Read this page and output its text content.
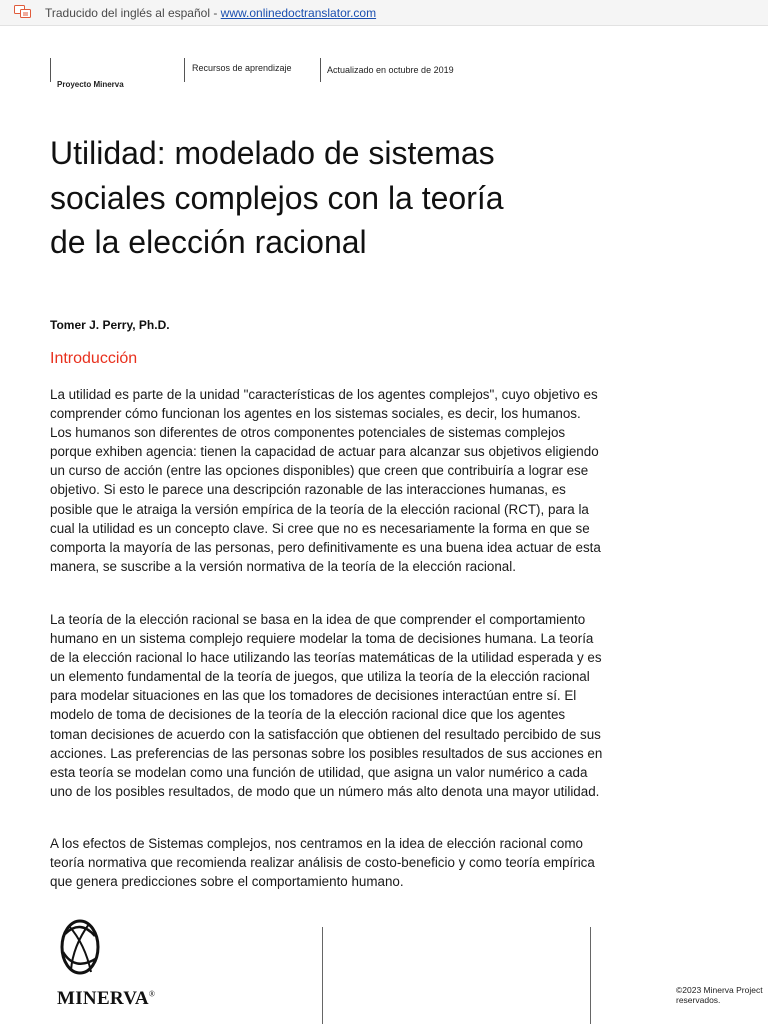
Traducido del inglés al español - www.onlinedoctranslator.com
Proyecto Minerva
Recursos de aprendizaje	Actualizado en octubre de 2019
Utilidad: modelado de sistemas sociales complejos con la teoría de la elección racional
Tomer J. Perry, Ph.D.
Introducción

La utilidad es parte de la unidad "características de los agentes complejos", cuyo objetivo es comprender cómo funcionan los agentes en los sistemas sociales, es decir, los humanos. Los humanos son diferentes de otros componentes potenciales de sistemas complejos porque exhiben agencia: tienen la capacidad de actuar para alcanzar sus objetivos eligiendo un curso de acción (entre las opciones disponibles) que creen que contribuiría a lograr ese objetivo. Si esto le parece una descripción razonable de las interacciones humanas, es posible que le atraiga la versión empírica de la teoría de la elección racional (RCT), para la cual la utilidad es un concepto clave. Si cree que no es necesariamente la forma en que se comporta la mayoría de las personas, pero definitivamente es una buena idea actuar de esta manera, se suscribe a la versión normativa de la teoría de la elección racional.

La teoría de la elección racional se basa en la idea de que comprender el comportamiento humano en un sistema complejo requiere modelar la toma de decisiones humana. La teoría de la elección racional lo hace utilizando las teorías matemáticas de la utilidad esperada y es un elemento fundamental de la teoría de juegos, que utiliza la teoría de la elección racional para modelar situaciones en las que los tomadores de decisiones interactúan entre sí. El modelo de toma de decisiones de la teoría de la elección racional dice que los agentes toman decisiones de acuerdo con la satisfacción que obtienen del resultado percibido de sus acciones. Las preferencias de las personas sobre los posibles resultados de sus acciones en esta teoría se modelan como una función de utilidad, que asigna un valor numérico a cada uno de los posibles resultados, de modo que un número más alto denota una mayor utilidad.

A los efectos de Sistemas complejos, nos centramos en la idea de elección racional como teoría normativa que recomienda realizar análisis de costo-beneficio y como teoría empírica que genera predicciones sobre el comportamiento humano.

MINERVA®	©2023 Minerva Project
reservados.
